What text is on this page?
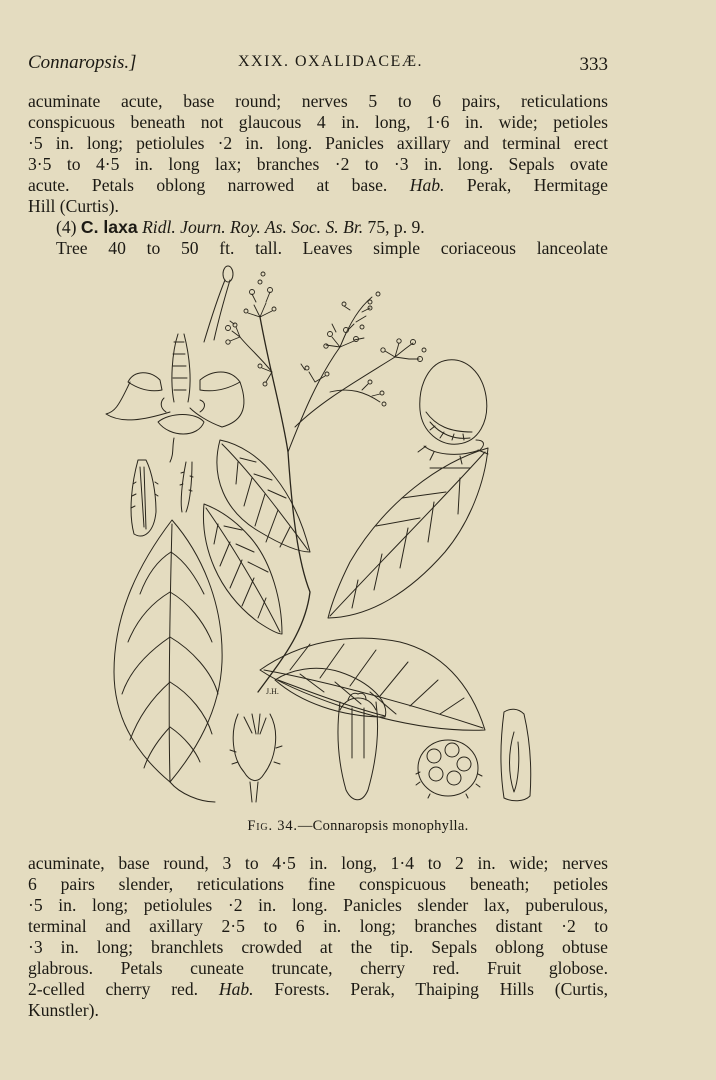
Connaropsis.]	XXIX. OXALIDACEÆ.	333
acuminate acute, base round; nerves 5 to 6 pairs, reticulations
conspicuous beneath not glaucous 4 in. long, 1·6 in. wide; petioles
·5 in. long; petiolules ·2 in. long. Panicles axillary and terminal erect
3·5 to 4·5 in. long lax; branches ·2 to ·3 in. long. Sepals ovate
acute. Petals oblong narrowed at base. Hab. Perak, Hermitage
Hill (Curtis).
(4) C. laxa Ridl. Journ. Roy. As. Soc. S. Br. 75, p. 9.
Tree 40 to 50 ft. tall. Leaves simple coriaceous lanceolate
J.H.
Fig. 34.—Connaropsis monophylla.
acuminate, base round, 3 to 4·5 in. long, 1·4 to 2 in. wide; nerves
6 pairs slender, reticulations fine conspicuous beneath; petioles
·5 in. long; petiolules ·2 in. long. Panicles slender lax, puberulous,
terminal and axillary 2·5 to 6 in. long; branches distant ·2 to
·3 in. long; branchlets crowded at the tip. Sepals oblong obtuse
glabrous. Petals cuneate truncate, cherry red. Fruit globose.
2-celled cherry red. Hab. Forests. Perak, Thaiping Hills (Curtis,
Kunstler).
